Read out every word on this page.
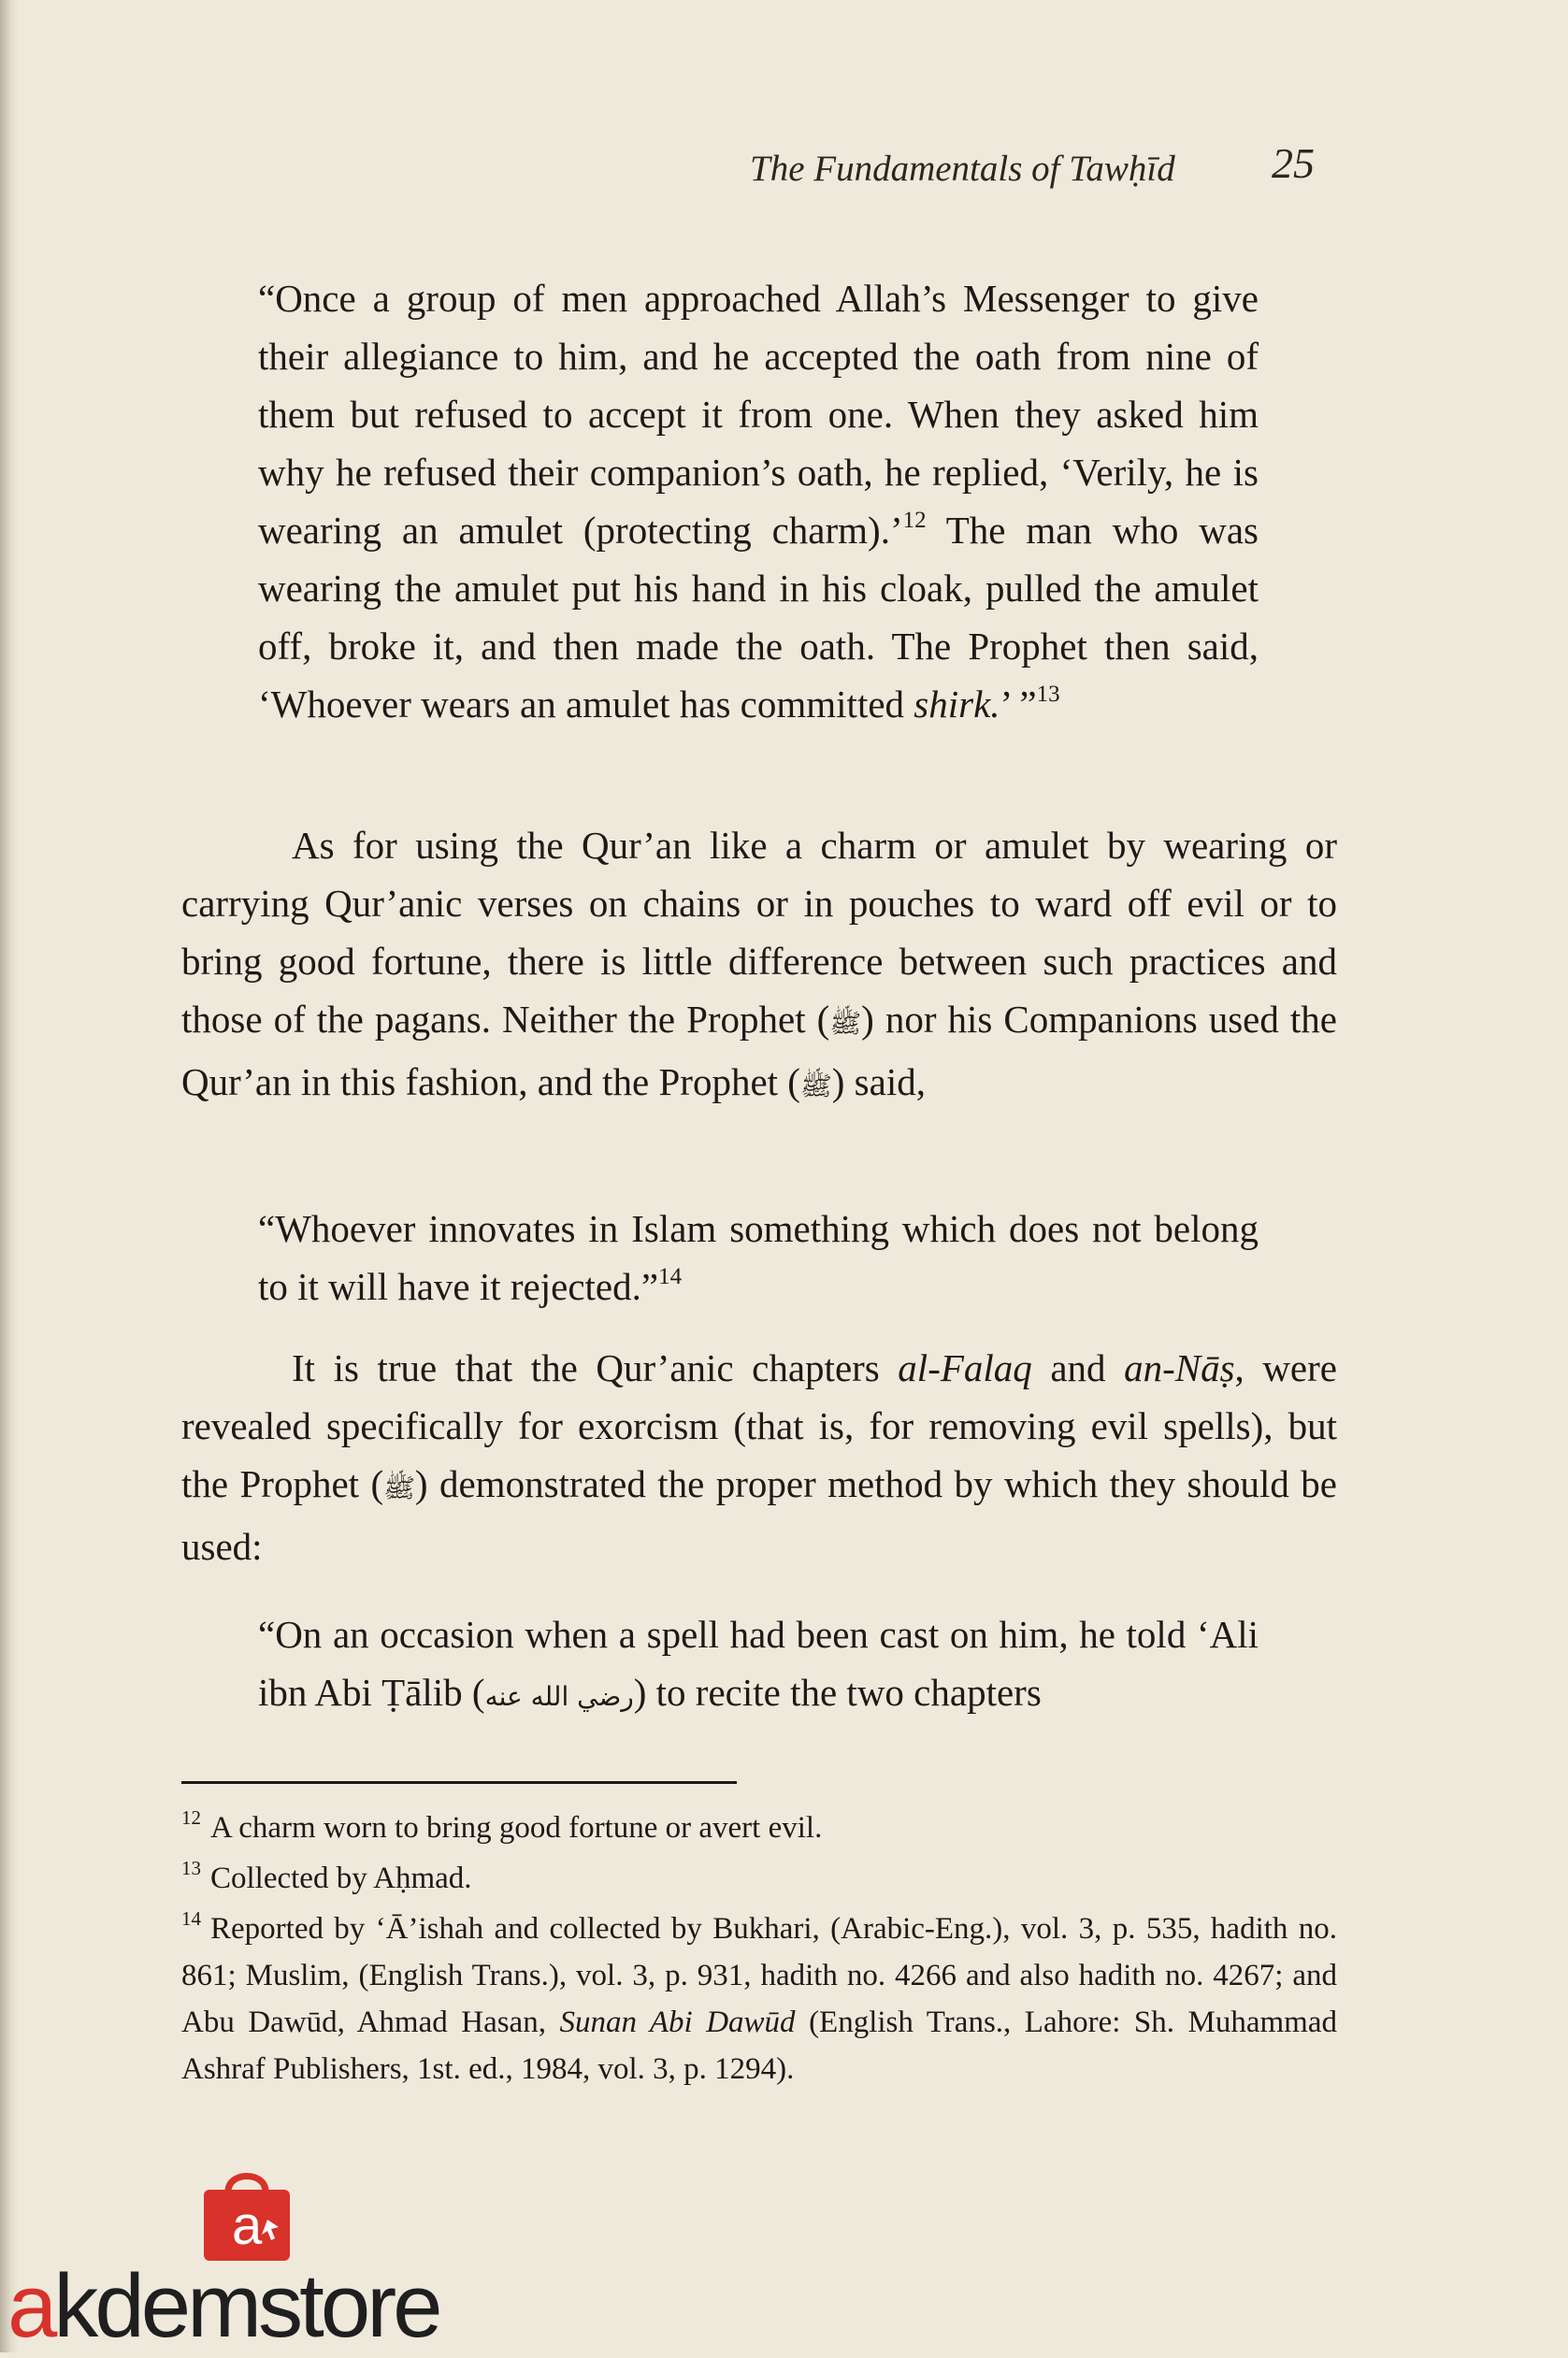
The Fundamentals of Tawḥīd 25
“Once a group of men approached Allah’s Messenger to give their allegiance to him, and he accepted the oath from nine of them but refused to accept it from one. When they asked him why he refused their companion’s oath, he replied, ‘Verily, he is wearing an amulet (protecting charm).’$^{12}$ The man who was wearing the amulet put his hand in his cloak, pulled the amulet off, broke it, and then made the oath. The Prophet then said, ‘Whoever wears an amulet has committed shirk.’ ”$^{13}$
As for using the Qur’an like a charm or amulet by wearing or carrying Qur’anic verses on chains or in pouches to ward off evil or to bring good fortune, there is little difference between such practices and those of the pagans. Neither the Prophet (ﷺ) nor his Companions used the Qur’an in this fashion, and the Prophet (ﷺ) said,
“Whoever innovates in Islam something which does not belong to it will have it rejected.”$^{14}$
It is true that the Qur’anic chapters al-Falaq and an-Nāṣ, were revealed specifically for exorcism (that is, for removing evil spells), but the Prophet (ﷺ) demonstrated the proper method by which they should be used:
“On an occasion when a spell had been cast on him, he told ‘Ali ibn Abi Ṭālib (رضي الله عنه) to recite the two chapters

$^{12}$ A charm worn to bring good fortune or avert evil.

$^{13}$ Collected by Aḥmad.

$^{14}$ Reported by ‘Ā’ishah and collected by Bukhari, (Arabic-Eng.), vol. 3, p. 535, hadith no. 861; Muslim, (English Trans.), vol. 3, p. 931, hadith no. 4266 and also hadith no. 4267; and Abu Dawūd, Ahmad Hasan, Sunan Abi Dawūd (English Trans., Lahore: Sh. Muhammad Ashraf Publishers, 1st. ed., 1984, vol. 3, p. 1294).

a
akdemstore
